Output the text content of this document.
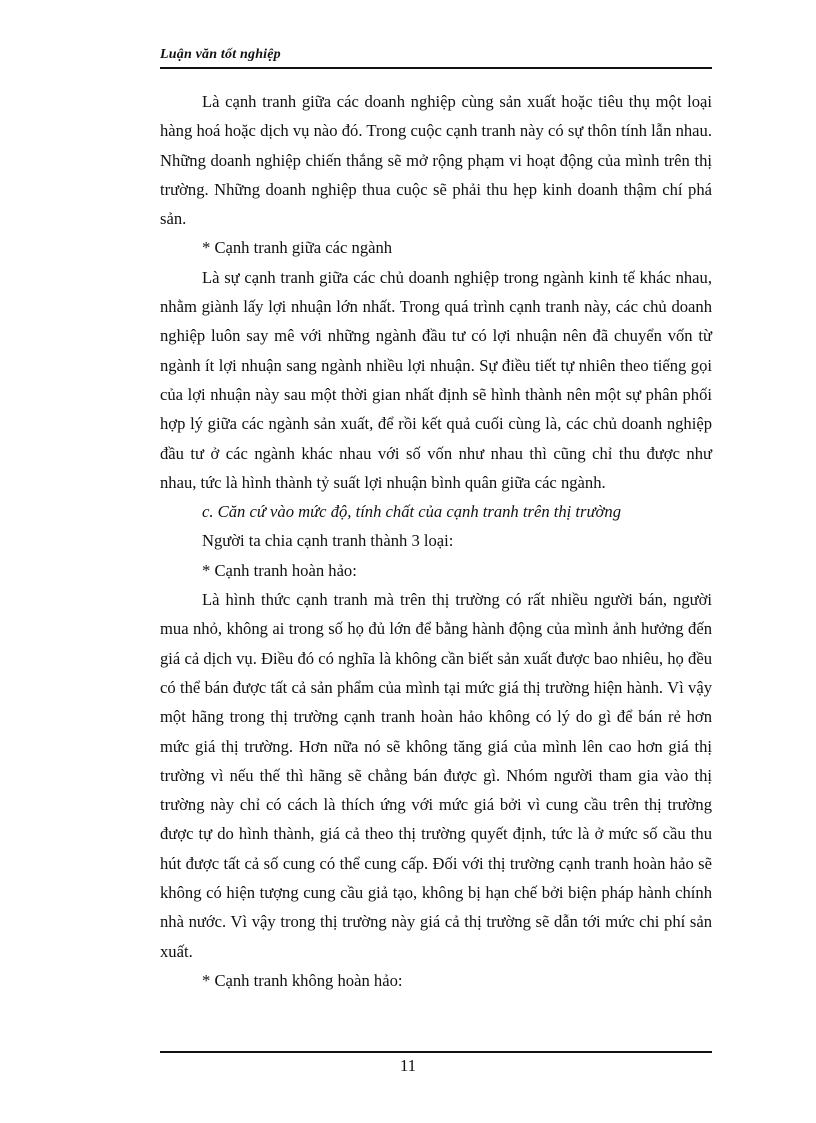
Luận văn tốt nghiệp

Là cạnh tranh giữa các doanh nghiệp cùng sản xuất hoặc tiêu thụ một loại hàng hoá hoặc dịch vụ nào đó. Trong cuộc cạnh tranh này có sự thôn tính lẫn nhau. Những doanh nghiệp chiến thắng sẽ mở rộng phạm vi hoạt động của mình trên thị trường. Những doanh nghiệp thua cuộc sẽ phải thu hẹp kinh doanh thậm chí phá sản.

* Cạnh tranh giữa các ngành

Là sự cạnh tranh giữa các chủ doanh nghiệp trong ngành kinh tế khác nhau, nhằm giành lấy lợi nhuận lớn nhất. Trong quá trình cạnh tranh này, các chủ doanh nghiệp luôn say mê với những ngành đầu tư có lợi nhuận nên đã chuyển vốn từ ngành ít lợi nhuận sang ngành nhiều lợi nhuận. Sự điều tiết tự nhiên theo tiếng gọi của lợi nhuận này sau một thời gian nhất định sẽ hình thành nên một sự phân phối hợp lý giữa các ngành sản xuất, để rồi kết quả cuối cùng là, các chủ doanh nghiệp đầu tư ở các ngành khác nhau với số vốn như nhau thì cũng chỉ thu được như nhau, tức là hình thành tỷ suất lợi nhuận bình quân giữa các ngành.

c. Căn cứ vào mức độ, tính chất của cạnh tranh trên thị trường

Người ta chia cạnh tranh thành 3 loại:

* Cạnh tranh hoàn hảo:

Là hình thức cạnh tranh mà trên thị trường có rất nhiều người bán, người mua nhỏ, không ai trong số họ đủ lớn để bằng hành động của mình ảnh hưởng đến giá cả dịch vụ. Điều đó có nghĩa là không cần biết sản xuất được bao nhiêu, họ đều có thể bán được tất cả sản phẩm của mình tại mức giá thị trường hiện hành. Vì vậy một hãng trong thị trường cạnh tranh hoàn hảo không có lý do gì để bán rẻ hơn mức giá thị trường. Hơn nữa nó sẽ không tăng giá của mình lên cao hơn giá thị trường vì nếu thế thì hãng sẽ chẳng bán được gì. Nhóm người tham gia vào thị trường này chỉ có cách là thích ứng với mức giá bởi vì cung cầu trên thị trường được tự do hình thành, giá cả theo thị trường quyết định, tức là ở mức số cầu thu hút được tất cả số cung có thể cung cấp. Đối với thị trường cạnh tranh hoàn hảo sẽ không có hiện tượng cung cầu giả tạo, không bị hạn chế bởi biện pháp hành chính nhà nước. Vì vậy trong thị trường này giá cả thị trường sẽ dẫn tới mức chi phí sản xuất.

* Cạnh tranh không hoàn hảo:

11
